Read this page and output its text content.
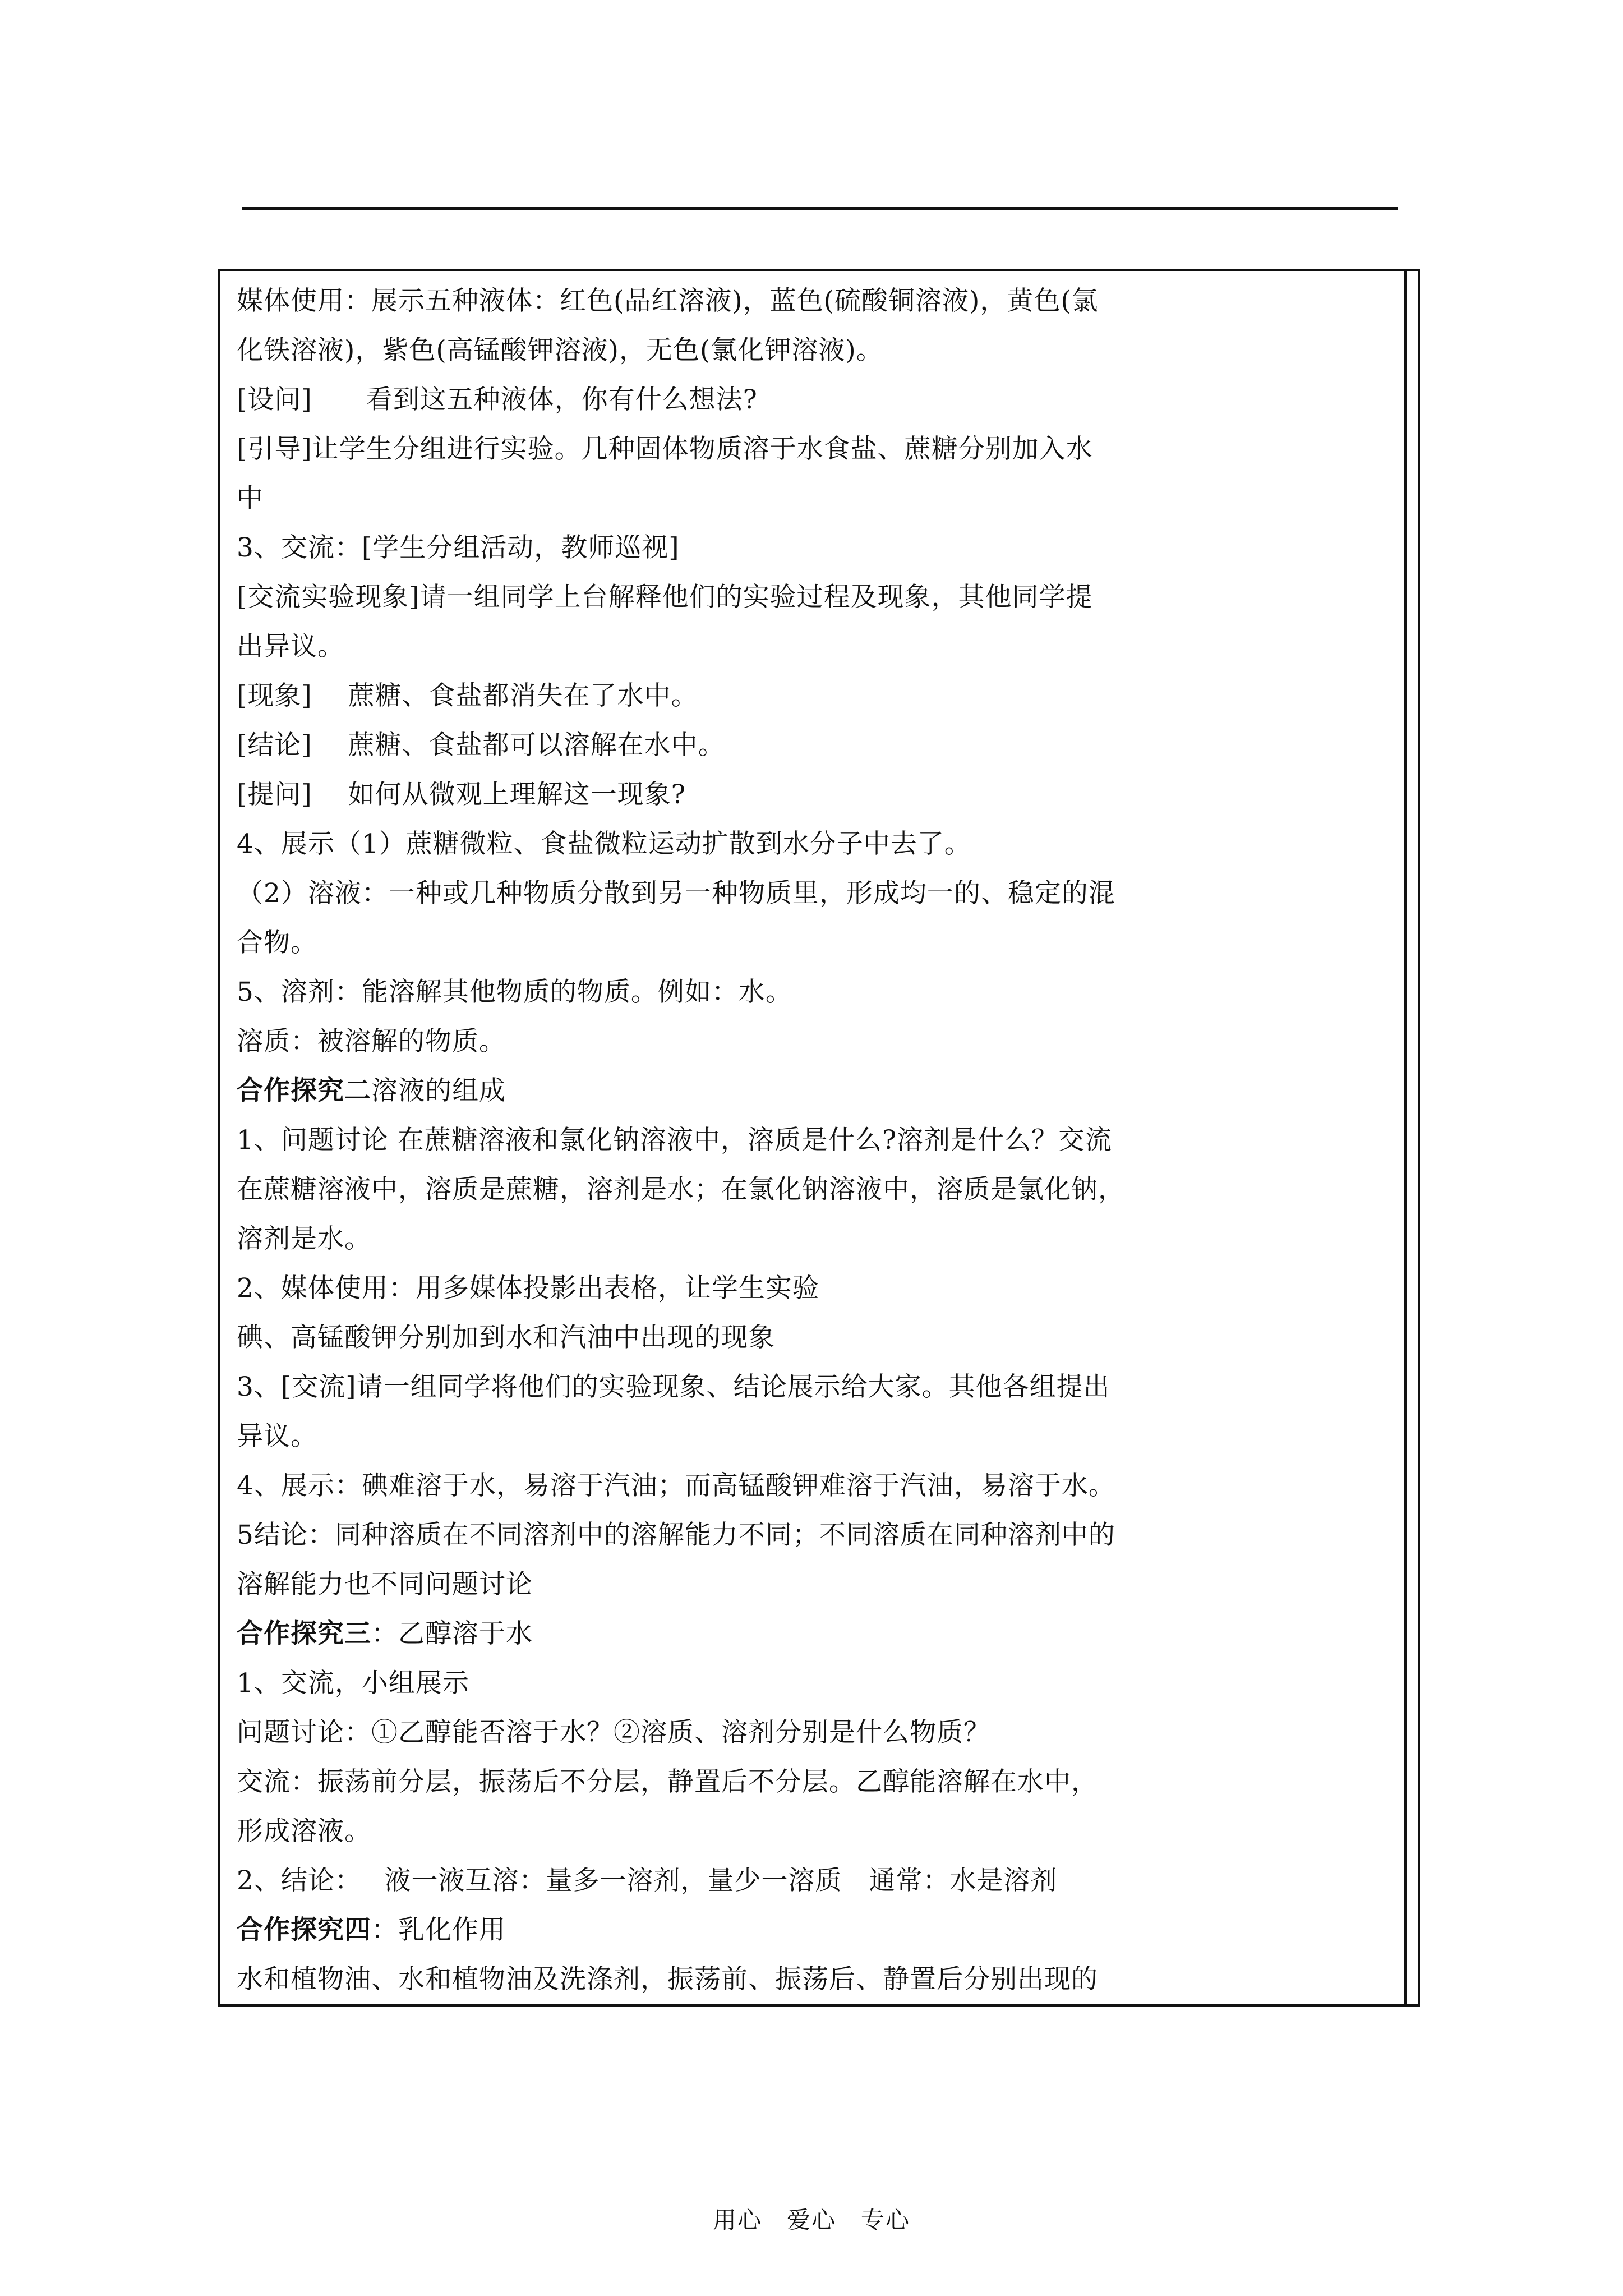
媒体使用：展示五种液体：红色(品红溶液)，蓝色(硫酸铜溶液)，黄色(氯
化铁溶液)，紫色(高锰酸钾溶液)，无色(氯化钾溶液)。
[设问]　　看到这五种液体，你有什么想法?
[引导]让学生分组进行实验。几种固体物质溶于水食盐、蔗糖分别加入水
中
3、交流：[学生分组活动，教师巡视]
[交流实验现象]请一组同学上台解释他们的实验过程及现象，其他同学提
出异议。
[现象]　 蔗糖、食盐都消失在了水中。
[结论]　 蔗糖、食盐都可以溶解在水中。
[提问]　 如何从微观上理解这一现象?
4、展示（1）蔗糖微粒、食盐微粒运动扩散到水分子中去了。
（2）溶液：一种或几种物质分散到另一种物质里，形成均一的、稳定的混
合物。
5、溶剂：能溶解其他物质的物质。例如：水。
溶质：被溶解的物质。
合作探究二溶液的组成
1、问题讨论 在蔗糖溶液和氯化钠溶液中，溶质是什么?溶剂是什么？交流
在蔗糖溶液中，溶质是蔗糖，溶剂是水；在氯化钠溶液中，溶质是氯化钠，
溶剂是水。
2、媒体使用：用多媒体投影出表格，让学生实验
碘、高锰酸钾分别加到水和汽油中出现的现象
3、[交流]请一组同学将他们的实验现象、结论展示给大家。其他各组提出
异议。
4、展示：碘难溶于水，易溶于汽油；而高锰酸钾难溶于汽油，易溶于水。
5结论：同种溶质在不同溶剂中的溶解能力不同；不同溶质在同种溶剂中的
溶解能力也不同问题讨论
合作探究三：乙醇溶于水
1、交流，小组展示
问题讨论：①乙醇能否溶于水？②溶质、溶剂分别是什么物质？
交流：振荡前分层，振荡后不分层，静置后不分层。乙醇能溶解在水中，
形成溶液。
2、结论：　 液一液互溶：量多一溶剂，量少一溶质　通常：水是溶剂
合作探究四：乳化作用
水和植物油、水和植物油及洗涤剂，振荡前、振荡后、静置后分别出现的
用心　爱心　专心
